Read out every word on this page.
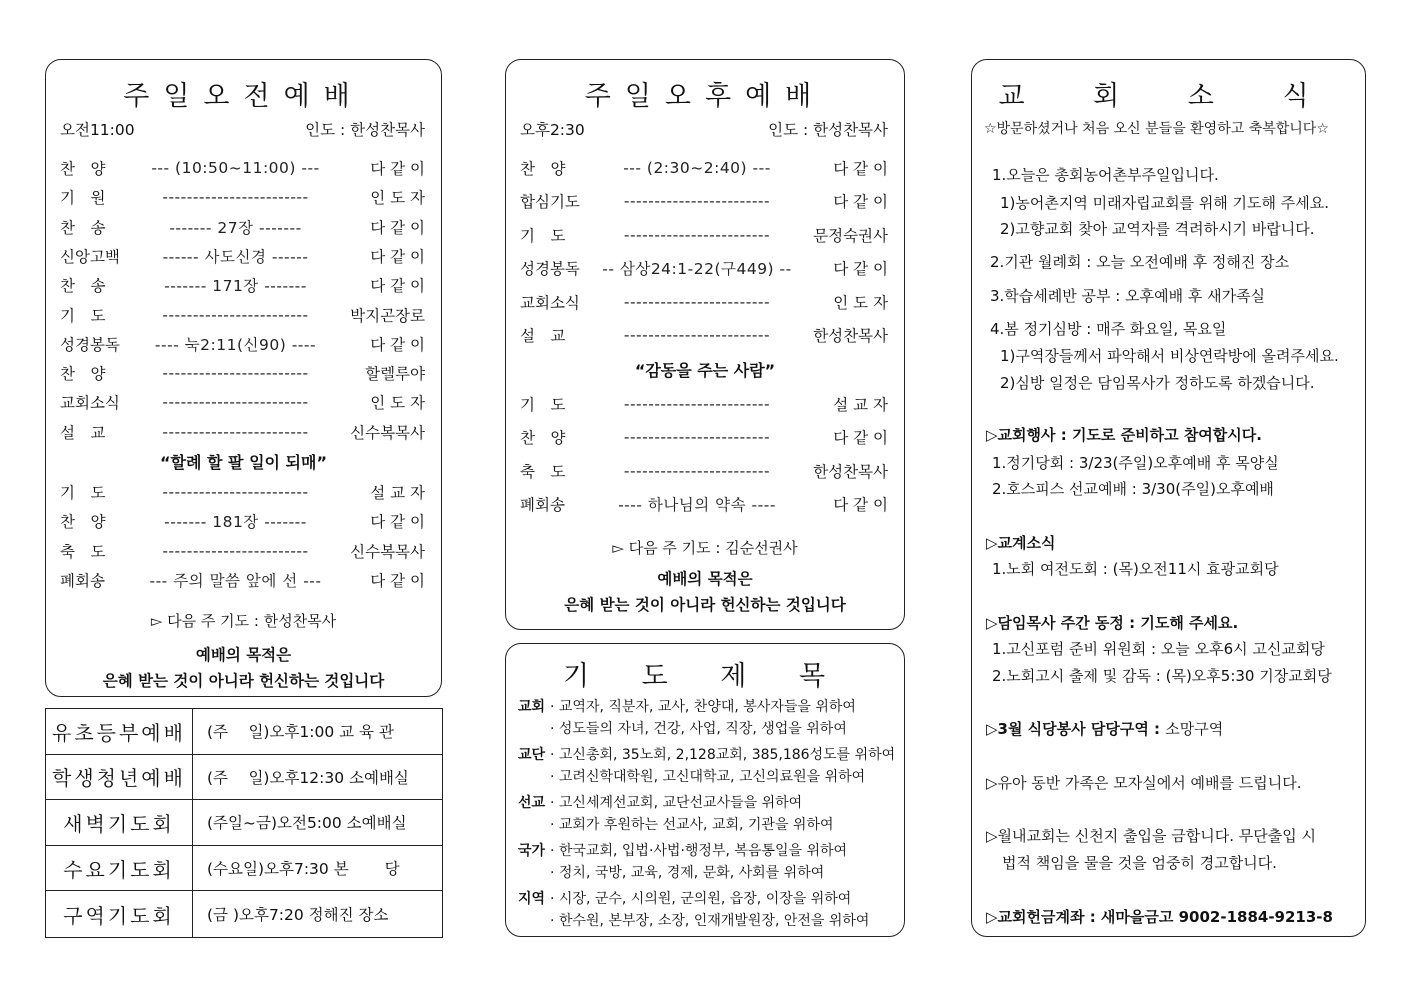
주일오전예배
오전11:00	인도 : 한성찬목사
찬　양	--- (10:50~11:00) ---	다 같 이
기　원	------------------------	인 도 자
찬　송	------- 27장 -------	다 같 이
신앙고백	------ 사도신경 ------	다 같 이
찬　송	------- 171장 -------	다 같 이
기　도	------------------------	박지곤장로
성경봉독	---- 눅2:11(신90) ----	다 같 이
찬　양	------------------------	할렐루야
교회소식	------------------------	인 도 자
설　교	------------------------	신수복목사
“할례 할 팔 일이 되매”
기　도	------------------------	설 교 자
찬　양	------- 181장 -------	다 같 이
축　도	------------------------	신수복목사
폐회송	--- 주의 말씀 앞에 선 ---	다 같 이
▻ 다음 주 기도 : 한성찬목사
예배의 목적은
은혜 받는 것이 아니라 헌신하는 것입니다
유초등부예배	(주　 일)오후1:00 교 육 관
학생청년예배	(주　 일)오후12:30 소예배실
새벽기도회	(주일~금)오전5:00 소예배실
수요기도회	(수요일)오후7:30 본　　 당
구역기도회	(금 )오후7:20 정해진 장소
주일오후예배
오후2:30	인도 : 한성찬목사
찬　양	--- (2:30~2:40) ---	다 같 이
합심기도	------------------------	다 같 이
기　도	------------------------	문정숙권사
성경봉독	-- 삼상24:1-22(구449) --	다 같 이
교회소식	------------------------	인 도 자
설　교	------------------------	한성찬목사
“감동을 주는 사람”
기　도	------------------------	설 교 자
찬　양	------------------------	다 같 이
축　도	------------------------	한성찬목사
폐회송	---- 하나님의 약속 ----	다 같 이
▻ 다음 주 기도 : 김순선권사
예배의 목적은
은혜 받는 것이 아니라 헌신하는 것입니다
기 도 제 목
교회 · 교역자, 직분자, 교사, 찬양대, 봉사자들을 위하여
· 성도들의 자녀, 건강, 사업, 직장, 생업을 위하여
교단 · 고신총회, 35노회, 2,128교회, 385,186성도를 위하여
· 고려신학대학원, 고신대학교, 고신의료원을 위하여
선교 · 고신세계선교회, 교단선교사들을 위하여
· 교회가 후원하는 선교사, 교회, 기관을 위하여
국가 · 한국교회, 입법·사법·행정부, 복음통일을 위하여
· 정치, 국방, 교육, 경제, 문화, 사회를 위하여
지역 · 시장, 군수, 시의원, 군의원, 읍장, 이장을 위하여
· 한수원, 본부장, 소장, 인재개발원장, 안전을 위하여
교 회 소 식
☆방문하셨거나 처음 오신 분들을 환영하고 축복합니다☆
1.오늘은 총회농어촌부주일입니다.
1)농어촌지역 미래자립교회를 위해 기도해 주세요.
2)고향교회 찾아 교역자를 격려하시기 바랍니다.
2.기관 월례회 : 오늘 오전예배 후 정해진 장소
3.학습세례반 공부 : 오후예배 후 새가족실
4.봄 정기심방 : 매주 화요일, 목요일
1)구역장들께서 파악해서 비상연락방에 올려주세요.
2)심방 일정은 담임목사가 정하도록 하겠습니다.
▷교회행사 : 기도로 준비하고 참여합시다.
1.정기당회 : 3/23(주일)오후예배 후 목양실
2.호스피스 선교예배 : 3/30(주일)오후예배
▷교계소식
1.노회 여전도회 : (목)오전11시 효광교회당
▷담임목사 주간 동정 : 기도해 주세요.
1.고신포럼 준비 위원회 : 오늘 오후6시 고신교회당
2.노회고시 출제 및 감독 : (목)오후5:30 기장교회당
▷3월 식당봉사 담당구역 : 소망구역
▷유아 동반 가족은 모자실에서 예배를 드립니다.
▷월내교회는 신천지 출입을 금합니다. 무단출입 시
법적 책임을 물을 것을 엄중히 경고합니다.
▷교회헌금계좌 : 새마을금고 9002-1884-9213-8
